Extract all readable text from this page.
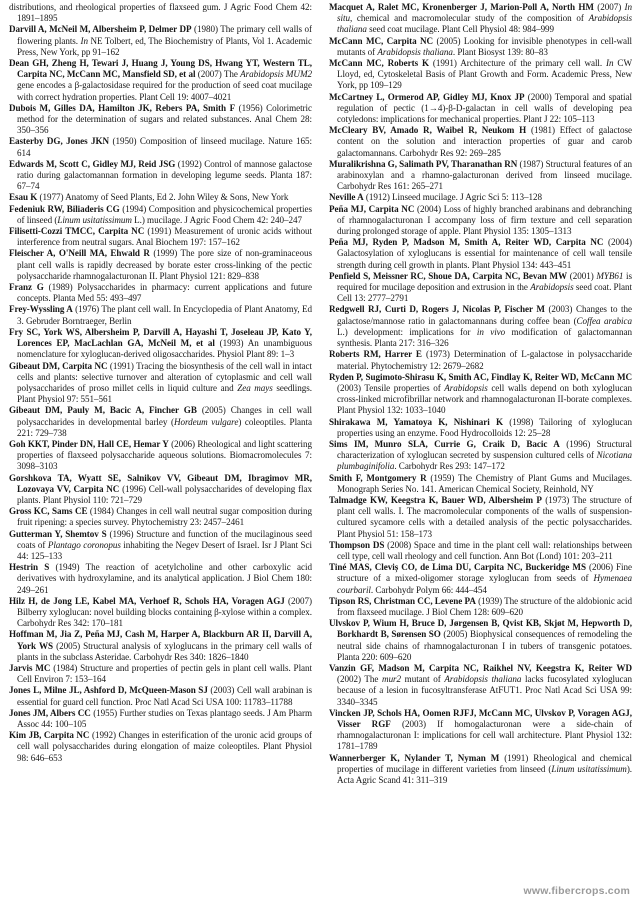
distributions, and rheological properties of flaxseed gum. J Agric Food Chem 42: 1891–1895

Darvill A, McNeil M, Albersheim P, Delmer DP (1980) The primary cell walls of flowering plants. In NE Tolbert, ed, The Biochemistry of Plants, Vol 1. Academic Press, New York, pp 91–162

Dean GH, Zheng H, Tewari J, Huang J, Young DS, Hwang YT, Western TL, Carpita NC, McCann MC, Mansfield SD, et al (2007) The Arabidopsis MUM2 gene encodes a β-galactosidase required for the production of seed coat mucilage with correct hydration properties. Plant Cell 19: 4007–4021

Dubois M, Gilles DA, Hamilton JK, Rebers PA, Smith F (1956) Colorimetric method for the determination of sugars and related substances. Anal Chem 28: 350–356

Easterby DG, Jones JKN (1950) Composition of linseed mucilage. Nature 165: 614

Edwards M, Scott C, Gidley MJ, Reid JSG (1992) Control of mannose galactose ratio during galactomannan formation in developing legume seeds. Planta 187: 67–74

Esau K (1977) Anatomy of Seed Plants, Ed 2. John Wiley & Sons, New York

Fedeniuk RW, Biliaderis CG (1994) Composition and physicochemical properties of linseed (Linum usitatissimum L.) mucilage. J Agric Food Chem 42: 240–247

Filisetti-Cozzi TMCC, Carpita NC (1991) Measurement of uronic acids without interference from neutral sugars. Anal Biochem 197: 157–162

Fleischer A, O'Neill MA, Ehwald R (1999) The pore size of non-graminaceous plant cell walls is rapidly decreased by borate ester cross-linking of the pectic polysaccharide rhamnogalacturonan II. Plant Physiol 121: 829–838

Franz G (1989) Polysaccharides in pharmacy: current applications and future concepts. Planta Med 55: 493–497

Frey-Wyssling A (1976) The plant cell wall. In Encyclopedia of Plant Anatomy, Ed 3. Gebruder Borntraeger, Berlin

Fry SC, York WS, Albersheim P, Darvill A, Hayashi T, Joseleau JP, Kato Y, Lorences EP, MacLachlan GA, McNeil M, et al (1993) An unambiguous nomenclature for xyloglucan-derived oligosaccharides. Physiol Plant 89: 1–3

Gibeaut DM, Carpita NC (1991) Tracing the biosynthesis of the cell wall in intact cells and plants: selective turnover and alteration of cytoplasmic and cell wall polysaccharides of proso millet cells in liquid culture and Zea mays seedlings. Plant Physiol 97: 551–561

Gibeaut DM, Pauly M, Bacic A, Fincher GB (2005) Changes in cell wall polysaccharides in developmental barley (Hordeum vulgare) coleoptiles. Planta 221: 729–738

Goh KKT, Pinder DN, Hall CE, Hemar Y (2006) Rheological and light scattering properties of flaxseed polysaccharide aqueous solutions. Biomacromolecules 7: 3098–3103

Gorshkova TA, Wyatt SE, Salnikov VV, Gibeaut DM, Ibragimov MR, Lozovaya VV, Carpita NC (1996) Cell-wall polysaccharides of developing flax plants. Plant Physiol 110: 721–729

Gross KC, Sams CE (1984) Changes in cell wall neutral sugar composition during fruit ripening: a species survey. Phytochemistry 23: 2457–2461

Gutterman Y, Shemtov S (1996) Structure and function of the mucilaginous seed coats of Plantago coronopus inhabiting the Negev Desert of Israel. Isr J Plant Sci 44: 125–133

Hestrin S (1949) The reaction of acetylcholine and other carboxylic acid derivatives with hydroxylamine, and its analytical application. J Biol Chem 180: 249–261

Hilz H, de Jong LE, Kabel MA, Verhoef R, Schols HA, Voragen AGJ (2007) Bilberry xyloglucan: novel building blocks containing β-xylose within a complex. Carbohydr Res 342: 170–181

Hoffman M, Jia Z, Peña MJ, Cash M, Harper A, Blackburn AR II, Darvill A, York WS (2005) Structural analysis of xyloglucans in the primary cell walls of plants in the subclass Asteridae. Carbohydr Res 340: 1826–1840

Jarvis MC (1984) Structure and properties of pectin gels in plant cell walls. Plant Cell Environ 7: 153–164

Jones L, Milne JL, Ashford D, McQueen-Mason SJ (2003) Cell wall arabinan is essential for guard cell function. Proc Natl Acad Sci USA 100: 11783–11788

Jones JM, Albers CC (1955) Further studies on Texas plantago seeds. J Am Pharm Assoc 44: 100–105

Kim JB, Carpita NC (1992) Changes in esterification of the uronic acid groups of cell wall polysaccharides during elongation of maize coleoptiles. Plant Physiol 98: 646–653

Macquet A, Ralet MC, Kronenberger J, Marion-Poll A, North HM (2007) In situ, chemical and macromolecular study of the composition of Arabidopsis thaliana seed coat mucilage. Plant Cell Physiol 48: 984–999

McCann MC, Carpita NC (2005) Looking for invisible phenotypes in cell-wall mutants of Arabidopsis thaliana. Plant Biosyst 139: 80–83

McCann MC, Roberts K (1991) Architecture of the primary cell wall. In CW Lloyd, ed, Cytoskeletal Basis of Plant Growth and Form. Academic Press, New York, pp 109–129

McCartney L, Ormerod AP, Gidley MJ, Knox JP (2000) Temporal and spatial regulation of pectic (1→4)-β-D-galactan in cell walls of developing pea cotyledons: implications for mechanical properties. Plant J 22: 105–113

McCleary BV, Amado R, Waibel R, Neukom H (1981) Effect of galactose content on the solution and interaction properties of guar and carob galactomannans. Carbohydr Res 92: 269–285

Muralikrishna G, Salimath PV, Tharanathan RN (1987) Structural features of an arabinoxylan and a rhamno-galacturonan derived from linseed mucilage. Carbohydr Res 161: 265–271

Neville A (1912) Linseed mucilage. J Agric Sci 5: 113–128

Peña MJ, Carpita NC (2004) Loss of highly branched arabinans and debranching of rhamnogalacturonan I accompany loss of firm texture and cell separation during prolonged storage of apple. Plant Physiol 135: 1305–1313

Peña MJ, Ryden P, Madson M, Smith A, Reiter WD, Carpita NC (2004) Galactosylation of xyloglucans is essential for maintenance of cell wall tensile strength during cell growth in plants. Plant Physiol 134: 443–451

Penfield S, Meissner RC, Shoue DA, Carpita NC, Bevan MW (2001) MYB61 is required for mucilage deposition and extrusion in the Arabidopsis seed coat. Plant Cell 13: 2777–2791

Redgwell RJ, Curti D, Rogers J, Nicolas P, Fischer M (2003) Changes to the galactose/mannose ratio in galactomannans during coffee bean (Coffea arabica L.) development: implications for in vivo modification of galactomannan synthesis. Planta 217: 316–326

Roberts RM, Harrer E (1973) Determination of L-galactose in polysaccharide material. Phytochemistry 12: 2679–2682

Ryden P, Sugimoto-Shirasu K, Smith AC, Findlay K, Reiter WD, McCann MC (2003) Tensile properties of Arabidopsis cell walls depend on both xyloglucan cross-linked microfibrillar network and rhamnogalacturonan II-borate complexes. Plant Physiol 132: 1033–1040

Shirakawa M, Yamatoya K, Nishinari K (1998) Tailoring of xyloglucan properties using an enzyme. Food Hydrocolloids 12: 25–28

Sims IM, Munro SLA, Currie G, Craik D, Bacic A (1996) Structural characterization of xyloglucan secreted by suspension cultured cells of Nicotiana plumbaginifolia. Carbohydr Res 293: 147–172

Smith F, Montgomery R (1959) The Chemistry of Plant Gums and Mucilages. Monograph Series No. 141. American Chemical Society, Reinhold, NY

Talmadge KW, Keegstra K, Bauer WD, Albersheim P (1973) The structure of plant cell walls. I. The macromolecular components of the walls of suspension-cultured sycamore cells with a detailed analysis of the pectic polysaccharides. Plant Physiol 51: 158–173

Thompson DS (2008) Space and time in the plant cell wall: relationships between cell type, cell wall rheology and cell function. Ann Bot (Lond) 101: 203–211

Tiné MAS, Cleviș CO, de Lima DU, Carpita NC, Buckeridge MS (2006) Fine structure of a mixed-oligomer storage xyloglucan from seeds of Hymenaea courbaril. Carbohydr Polym 66: 444–454

Tipson RS, Christman CC, Levene PA (1939) The structure of the aldobionic acid from flaxseed mucilage. J Biol Chem 128: 609–620

Ulvskov P, Wium H, Bruce D, Jørgensen B, Qvist KB, Skjøt M, Hepworth D, Borkhardt B, Sørensen SO (2005) Biophysical consequences of remodeling the neutral side chains of rhamnogalacturonan I in tubers of transgenic potatoes. Planta 220: 609–620

Vanzin GF, Madson M, Carpita NC, Raikhel NV, Keegstra K, Reiter WD (2002) The mur2 mutant of Arabidopsis thaliana lacks fucosylated xyloglucan because of a lesion in fucosyltransferase AtFUT1. Proc Natl Acad Sci USA 99: 3340–3345

Vincken JP, Schols HA, Oomen RJFJ, McCann MC, Ulvskov P, Voragen AGJ, Visser RGF (2003) If homogalacturonan were a side-chain of rhamnogalacturonan I: implications for cell wall architecture. Plant Physiol 132: 1781–1789

Wannerberger K, Nylander T, Nyman M (1991) Rheological and chemical properties of mucilage in different varieties from linseed (Linum usitatissimum). Acta Agric Scand 41: 311–319

www.fibercrops.com
